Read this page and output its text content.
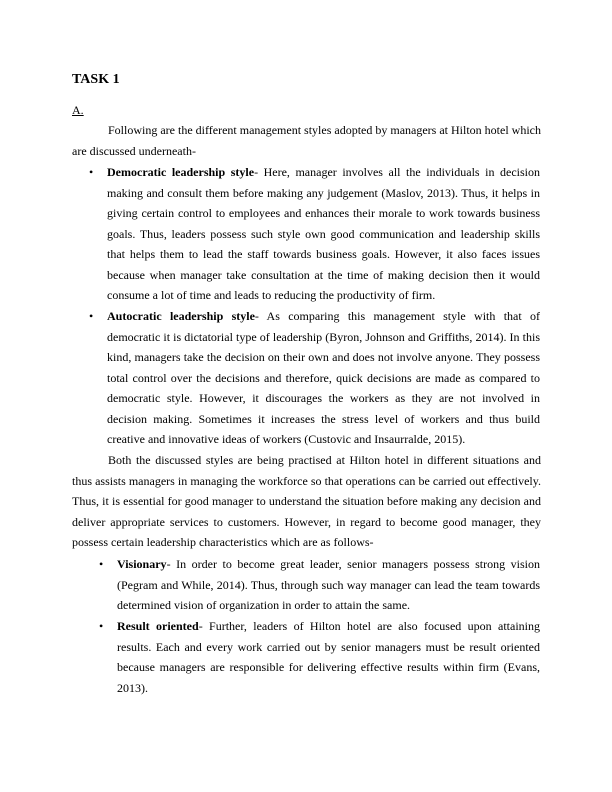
TASK 1
A.
Following are the different management styles adopted by managers at Hilton hotel which are discussed underneath-
• Democratic leadership style- Here, manager involves all the individuals in decision making and consult them before making any judgement (Maslov, 2013). Thus, it helps in giving certain control to employees and enhances their morale to work towards business goals. Thus, leaders possess such style own good communication and leadership skills that helps them to lead the staff towards business goals. However, it also faces issues because when manager take consultation at the time of making decision then it would consume a lot of time and leads to reducing the productivity of firm.
• Autocratic leadership style- As comparing this management style with that of democratic it is dictatorial type of leadership (Byron, Johnson and Griffiths, 2014). In this kind, managers take the decision on their own and does not involve anyone. They possess total control over the decisions and therefore, quick decisions are made as compared to democratic style. However, it discourages the workers as they are not involved in decision making. Sometimes it increases the stress level of workers and thus build creative and innovative ideas of workers (Custovic and Insaurralde, 2015).
Both the discussed styles are being practised at Hilton hotel in different situations and thus assists managers in managing the workforce so that operations can be carried out effectively. Thus, it is essential for good manager to understand the situation before making any decision and deliver appropriate services to customers. However, in regard to become good manager, they possess certain leadership characteristics which are as follows-
• Visionary- In order to become great leader, senior managers possess strong vision (Pegram and While, 2014). Thus, through such way manager can lead the team towards determined vision of organization in order to attain the same.
• Result oriented- Further, leaders of Hilton hotel are also focused upon attaining results. Each and every work carried out by senior managers must be result oriented because managers are responsible for delivering effective results within firm (Evans, 2013).
